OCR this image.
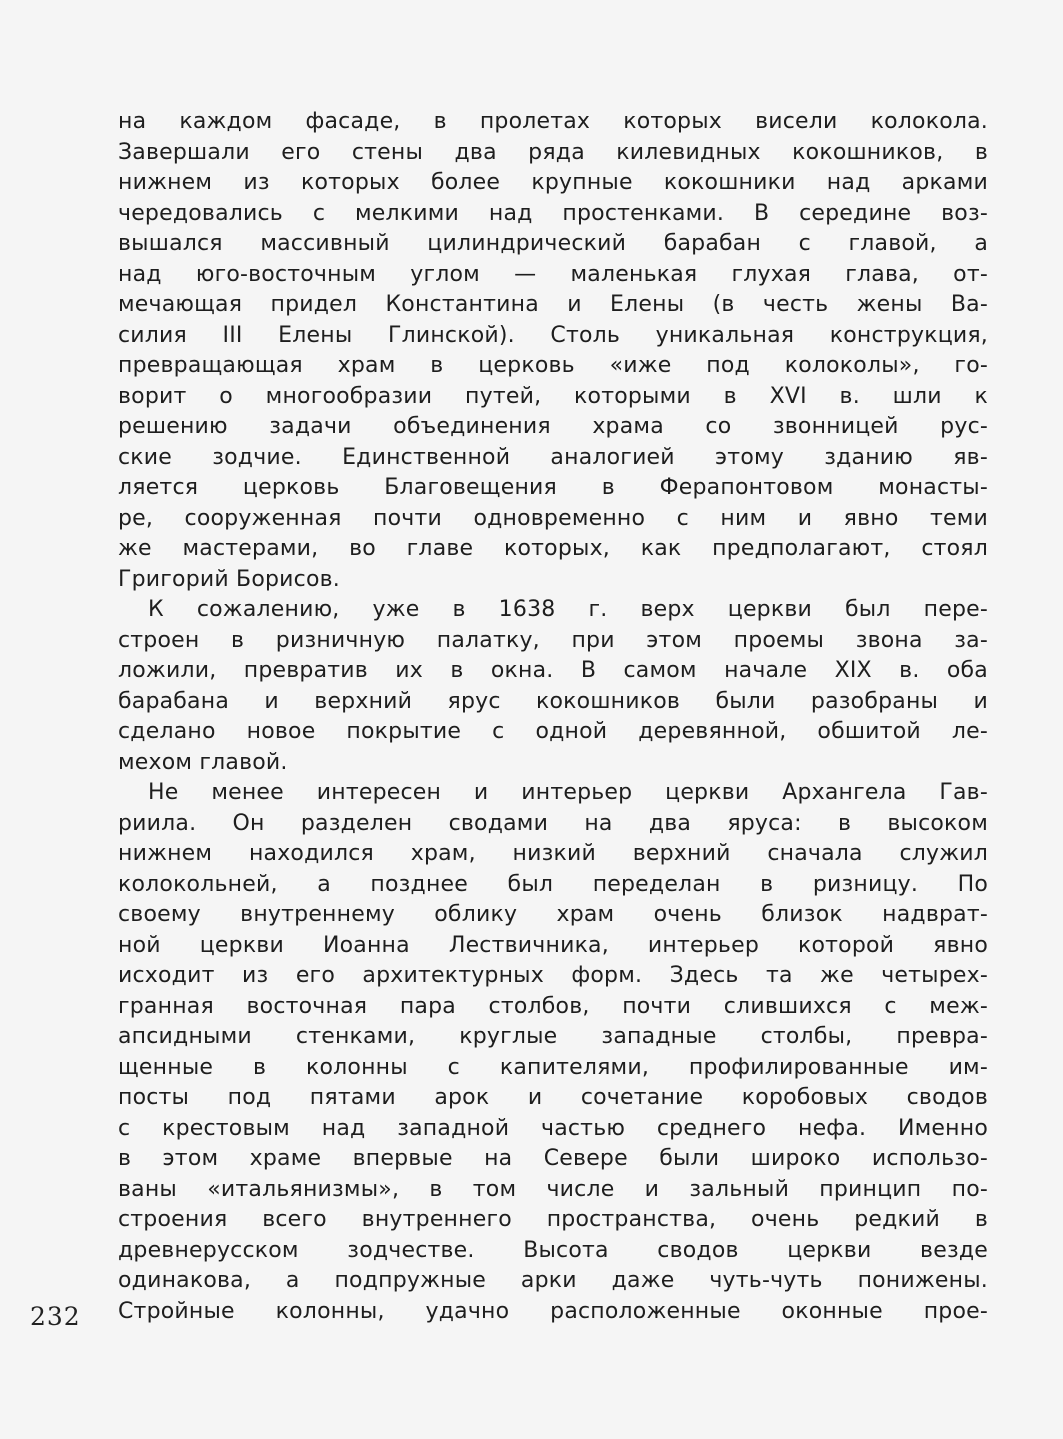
на каждом фасаде, в пролетах которых висели колокола.
Завершали его стены два ряда килевидных кокошников, в
нижнем из которых более крупные кокошники над арками
чередовались с мелкими над простенками. В середине воз-
вышался массивный цилиндрический барабан с главой, а
над юго-восточным углом — маленькая глухая глава, от-
мечающая придел Константина и Елены (в честь жены Ва-
силия III Елены Глинской). Столь уникальная конструкция,
превращающая храм в церковь «иже под колоколы», го-
ворит о многообразии путей, которыми в XVI в. шли к
решению задачи объединения храма со звонницей рус-
ские зодчие. Единственной аналогией этому зданию яв-
ляется церковь Благовещения в Ферапонтовом монасты-
ре, сооруженная почти одновременно с ним и явно теми
же мастерами, во главе которых, как предполагают, стоял
Григорий Борисов.
К сожалению, уже в 1638 г. верх церкви был пере-
строен в ризничную палатку, при этом проемы звона за-
ложили, превратив их в окна. В самом начале XIX в. оба
барабана и верхний ярус кокошников были разобраны и
сделано новое покрытие с одной деревянной, обшитой ле-
мехом главой.
Не менее интересен и интерьер церкви Архангела Гав-
риила. Он разделен сводами на два яруса: в высоком
нижнем находился храм, низкий верхний сначала служил
колокольней, а позднее был переделан в ризницу. По
своему внутреннему облику храм очень близок надврат-
ной церкви Иоанна Лествичника, интерьер которой явно
исходит из его архитектурных форм. Здесь та же четырех-
гранная восточная пара столбов, почти слившихся с меж-
апсидными стенками, круглые западные столбы, превра-
щенные в колонны с капителями, профилированные им-
посты под пятами арок и сочетание коробовых сводов
с крестовым над западной частью среднего нефа. Именно
в этом храме впервые на Севере были широко использо-
ваны «итальянизмы», в том числе и зальный принцип по-
строения всего внутреннего пространства, очень редкий в
древнерусском зодчестве. Высота сводов церкви везде
одинакова, а подпружные арки даже чуть-чуть понижены.
Стройные колонны, удачно расположенные оконные прое-
232
